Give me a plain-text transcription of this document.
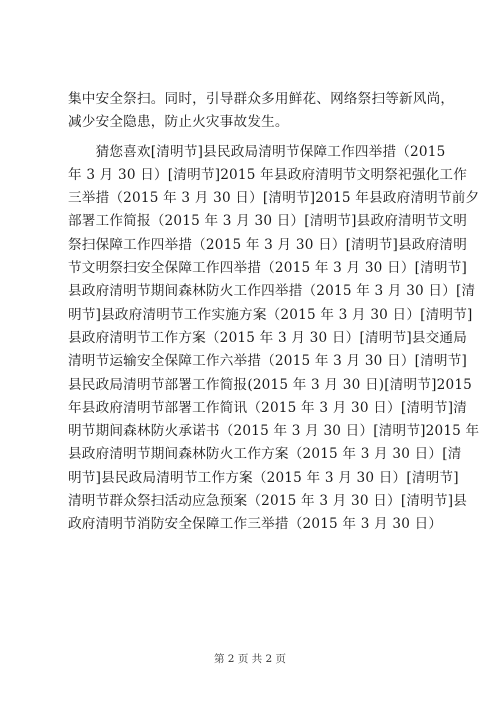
集中安全祭扫。同时，引导群众多用鲜花、网络祭扫等新风尚，
减少安全隐患，防止火灾事故发生。
　　猜您喜欢[清明节]县民政局清明节保障工作四举措（2015
年 3 月 30 日）[清明节]2015 年县政府清明节文明祭祀强化工作
三举措（2015 年 3 月 30 日）[清明节]2015 年县政府清明节前夕
部署工作简报（2015 年 3 月 30 日）[清明节]县政府清明节文明
祭扫保障工作四举措（2015 年 3 月 30 日）[清明节]县政府清明
节文明祭扫安全保障工作四举措（2015 年 3 月 30 日）[清明节]
县政府清明节期间森林防火工作四举措（2015 年 3 月 30 日）[清
明节]县政府清明节工作实施方案（2015 年 3 月 30 日）[清明节]
县政府清明节工作方案（2015 年 3 月 30 日）[清明节]县交通局
清明节运输安全保障工作六举措（2015 年 3 月 30 日）[清明节]
县民政局清明节部署工作简报(2015 年 3 月 30 日)[清明节]2015
年县政府清明节部署工作简讯（2015 年 3 月 30 日）[清明节]清
明节期间森林防火承诺书（2015 年 3 月 30 日）[清明节]2015 年
县政府清明节期间森林防火工作方案（2015 年 3 月 30 日）[清
明节]县民政局清明节工作方案（2015 年 3 月 30 日）[清明节]
清明节群众祭扫活动应急预案（2015 年 3 月 30 日）[清明节]县
政府清明节消防安全保障工作三举措（2015 年 3 月 30 日）
第 2 页 共 2 页
